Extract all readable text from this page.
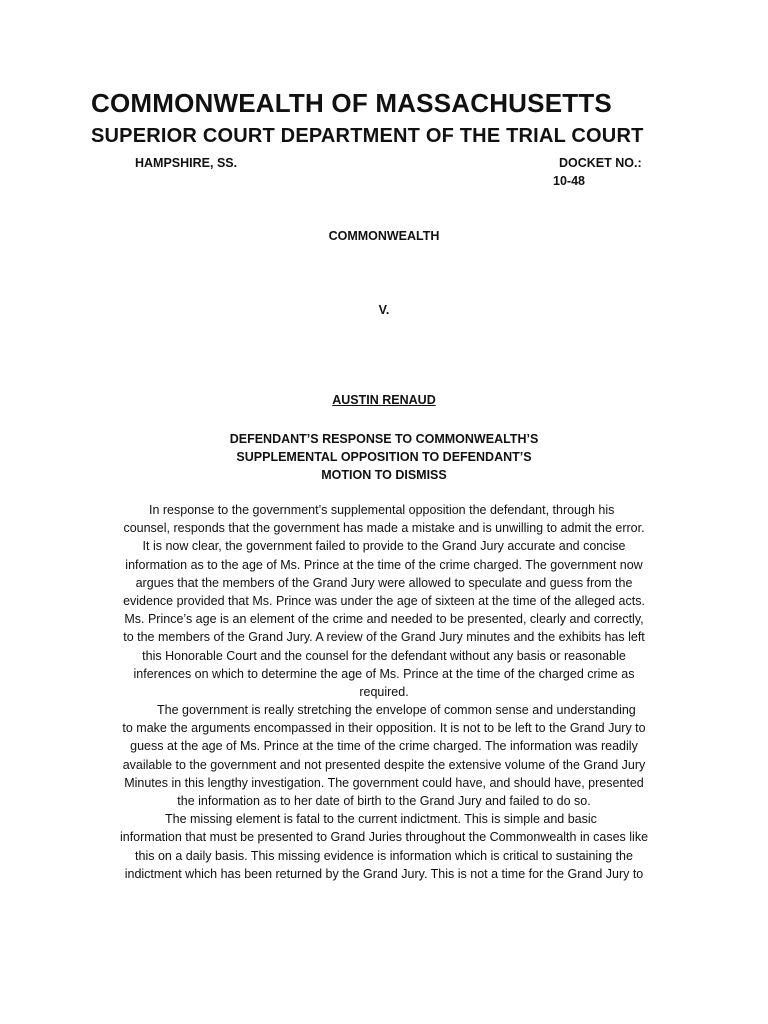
COMMONWEALTH OF MASSACHUSETTS
SUPERIOR COURT DEPARTMENT OF THE TRIAL COURT
HAMPSHIRE, SS.	DOCKET NO.:
10-48
COMMONWEALTH
V.
AUSTIN RENAUD
DEFENDANT’S RESPONSE TO COMMONWEALTH’S
SUPPLEMENTAL OPPOSITION TO DEFENDANT’S
MOTION TO DISMISS
In response to the government’s supplemental opposition the defendant, through his
counsel, responds that the government has made a mistake and is unwilling to admit the error.
It is now clear, the government failed to provide to the Grand Jury accurate and concise
information as to the age of Ms. Prince at the time of the crime charged. The government now
argues that the members of the Grand Jury were allowed to speculate and guess from the
evidence provided that Ms. Prince was under the age of sixteen at the time of the alleged acts.
Ms. Prince’s age is an element of the crime and needed to be presented, clearly and correctly,
to the members of the Grand Jury. A review of the Grand Jury minutes and the exhibits has left
this Honorable Court and the counsel for the defendant without any basis or reasonable
inferences on which to determine the age of Ms. Prince at the time of the charged crime as
required.
The government is really stretching the envelope of common sense and understanding
to make the arguments encompassed in their opposition. It is not to be left to the Grand Jury to
guess at the age of Ms. Prince at the time of the crime charged. The information was readily
available to the government and not presented despite the extensive volume of the Grand Jury
Minutes in this lengthy investigation. The government could have, and should have, presented
the information as to her date of birth to the Grand Jury and failed to do so.
The missing element is fatal to the current indictment. This is simple and basic
information that must be presented to Grand Juries throughout the Commonwealth in cases like
this on a daily basis. This missing evidence is information which is critical to sustaining the
indictment which has been returned by the Grand Jury. This is not a time for the Grand Jury to
